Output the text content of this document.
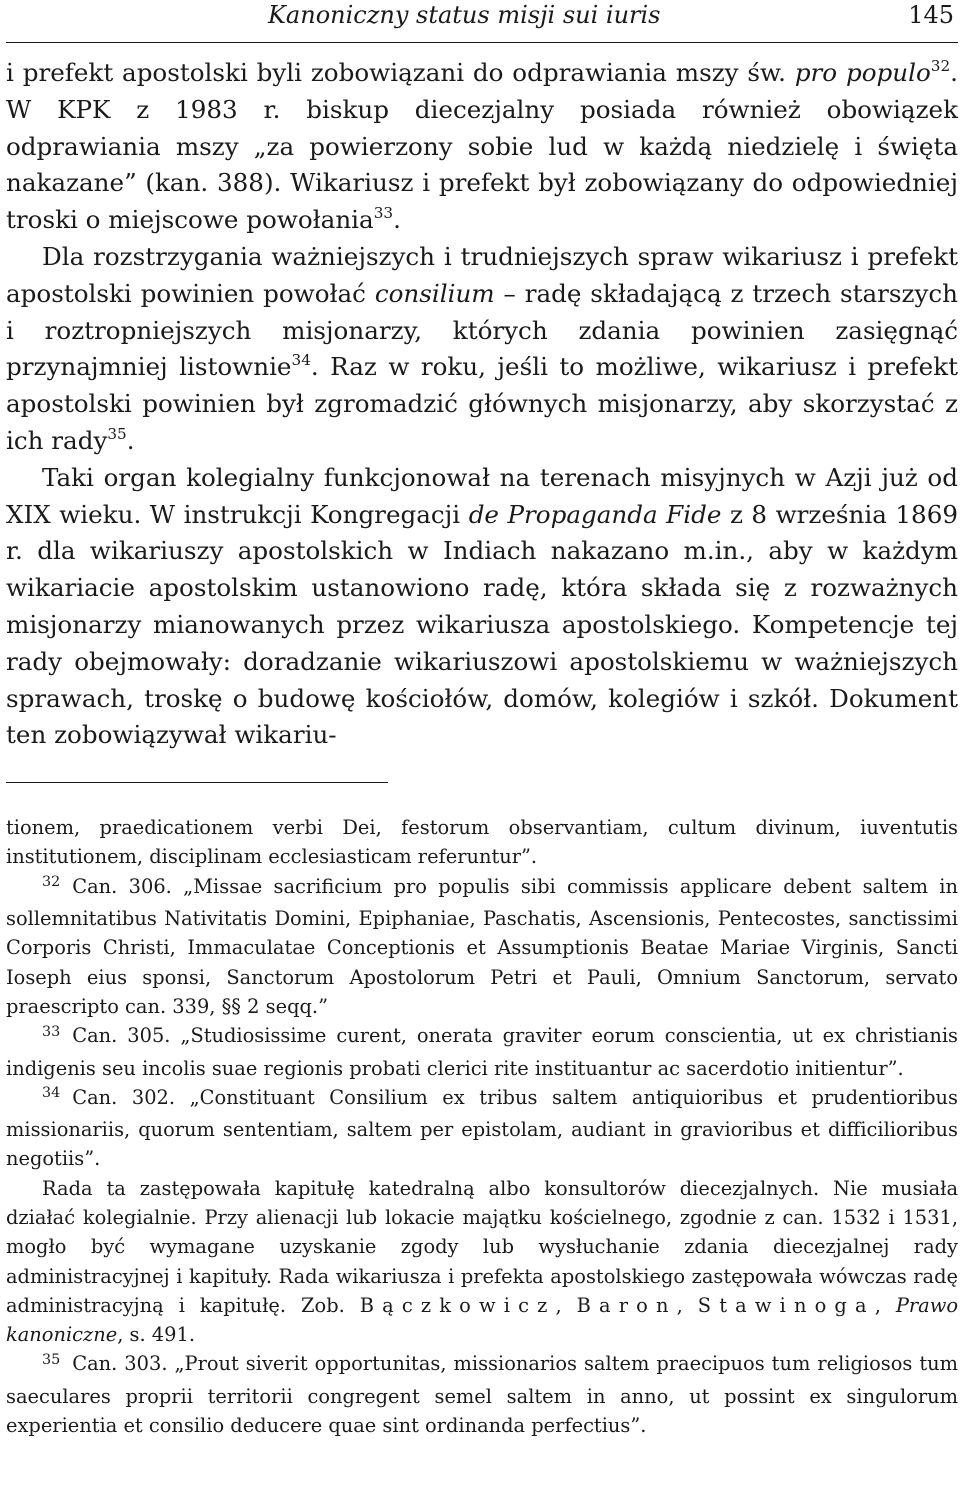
Kanoniczny status misji sui iuris	145

i prefekt apostolski byli zobowiązani do odprawiania mszy św. pro populo$^{32}$. W KPK z 1983 r. biskup diecezjalny posiada również obowiązek odprawiania mszy „za powierzony sobie lud w każdą niedzielę i święta nakazane” (kan. 388). Wikariusz i prefekt był zobowiązany do odpowiedniej troski o miejscowe powołania$^{33}$.

Dla rozstrzygania ważniejszych i trudniejszych spraw wikariusz i prefekt apostolski powinien powołać consilium – radę składającą z trzech starszych i roztropniejszych misjonarzy, których zdania powinien zasięgnąć przynajmniej listownie$^{34}$. Raz w roku, jeśli to możliwe, wikariusz i prefekt apostolski powinien był zgromadzić głównych misjonarzy, aby skorzystać z ich rady$^{35}$.

Taki organ kolegialny funkcjonował na terenach misyjnych w Azji już od XIX wieku. W instrukcji Kongregacji de Propaganda Fide z 8 września 1869 r. dla wikariuszy apostolskich w Indiach nakazano m.in., aby w każdym wikariacie apostolskim ustanowiono radę, która składa się z rozważnych misjonarzy mianowanych przez wikariusza apostolskiego. Kompetencje tej rady obejmowały: doradzanie wikariuszowi apostolskiemu w ważniejszych sprawach, troskę o budowę kościołów, domów, kolegiów i szkół. Dokument ten zobowiązywał wikariu-

tionem, praedicationem verbi Dei, festorum observantiam, cultum divinum, iuventutis institutionem, disciplinam ecclesiasticam referuntur”.

$^{32}$ Can. 306. „Missae sacrificium pro populis sibi commissis applicare debent saltem in sollemnitatibus Nativitatis Domini, Epiphaniae, Paschatis, Ascensionis, Pentecostes, sanctissimi Corporis Christi, Immaculatae Conceptionis et Assumptionis Beatae Mariae Virginis, Sancti Ioseph eius sponsi, Sanctorum Apostolorum Petri et Pauli, Omnium Sanctorum, servato praescripto can. 339, §§ 2 seqq.”

$^{33}$ Can. 305. „Studiosissime curent, onerata graviter eorum conscientia, ut ex christianis indigenis seu incolis suae regionis probati clerici rite instituantur ac sacerdotio initientur”.

$^{34}$ Can. 302. „Constituant Consilium ex tribus saltem antiquioribus et prudentioribus missionariis, quorum sententiam, saltem per epistolam, audiant in gravioribus et difficilioribus negotiis”.

Rada ta zastępowała kapitułę katedralną albo konsultorów diecezjalnych. Nie musiała działać kolegialnie. Przy alienacji lub lokacie majątku kościelnego, zgodnie z can. 1532 i 1531, mogło być wymagane uzyskanie zgody lub wysłuchanie zdania diecezjalnej rady administracyjnej i kapituły. Rada wikariusza i prefekta apostolskiego zastępowała wówczas radę administracyjną i kapitułę. Zob. Bączkowicz, Baron, Stawinoga, Prawo kanoniczne, s. 491.

$^{35}$ Can. 303. „Prout siverit opportunitas, missionarios saltem praecipuos tum religiosos tum saeculares proprii territorii congregent semel saltem in anno, ut possint ex singulorum experientia et consilio deducere quae sint ordinanda perfectius”.
